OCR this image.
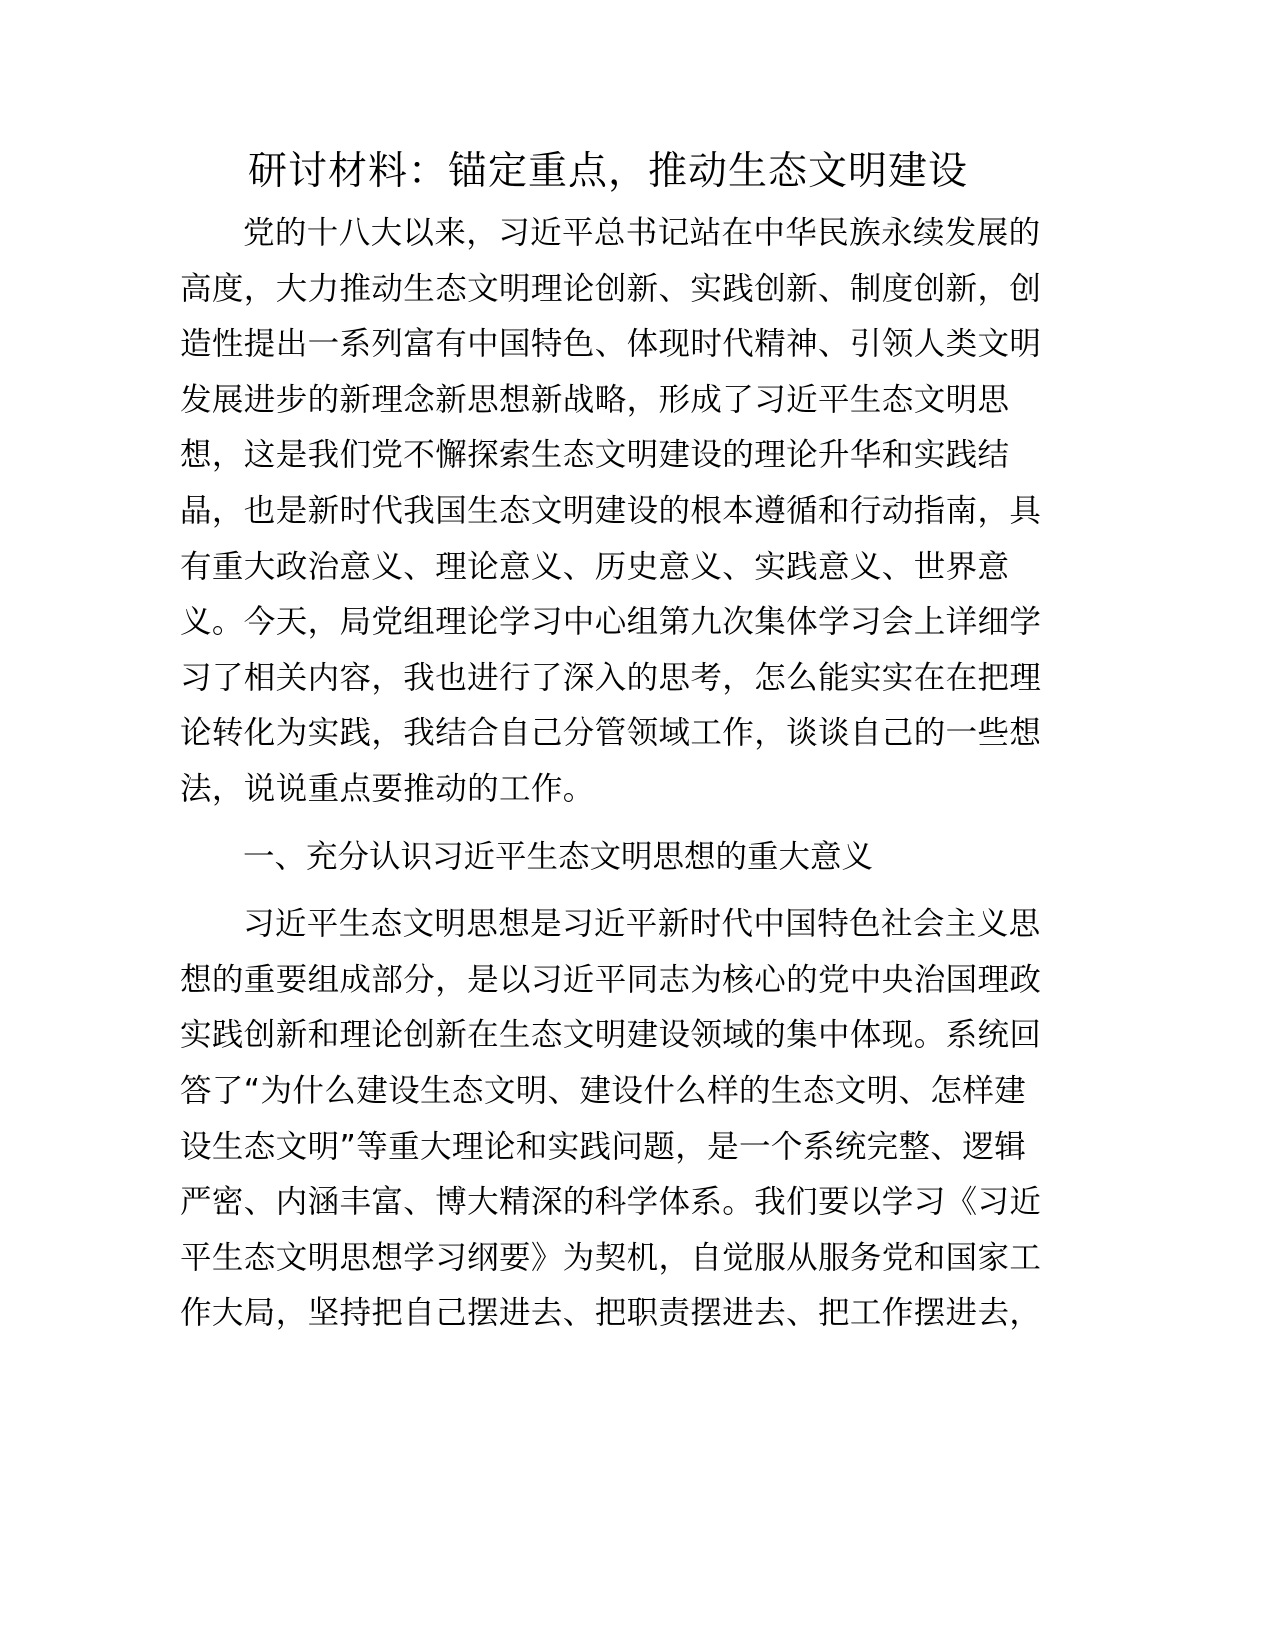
研讨材料：锚定重点，推动生态文明建设

党的十八大以来，习近平总书记站在中华民族永续发展的
高度，大力推动生态文明理论创新、实践创新、制度创新，创
造性提出一系列富有中国特色、体现时代精神、引领人类文明
发展进步的新理念新思想新战略，形成了习近平生态文明思
想，这是我们党不懈探索生态文明建设的理论升华和实践结
晶，也是新时代我国生态文明建设的根本遵循和行动指南，具
有重大政治意义、理论意义、历史意义、实践意义、世界意
义。今天，局党组理论学习中心组第九次集体学习会上详细学
习了相关内容，我也进行了深入的思考，怎么能实实在在把理
论转化为实践，我结合自己分管领域工作，谈谈自己的一些想
法，说说重点要推动的工作。

一、充分认识习近平生态文明思想的重大意义

习近平生态文明思想是习近平新时代中国特色社会主义思
想的重要组成部分，是以习近平同志为核心的党中央治国理政
实践创新和理论创新在生态文明建设领域的集中体现。系统回
答了“为什么建设生态文明、建设什么样的生态文明、怎样建
设生态文明”等重大理论和实践问题，是一个系统完整、逻辑
严密、内涵丰富、博大精深的科学体系。我们要以学习《习近
平生态文明思想学习纲要》为契机，自觉服从服务党和国家工
作大局，坚持把自己摆进去、把职责摆进去、把工作摆进去，
